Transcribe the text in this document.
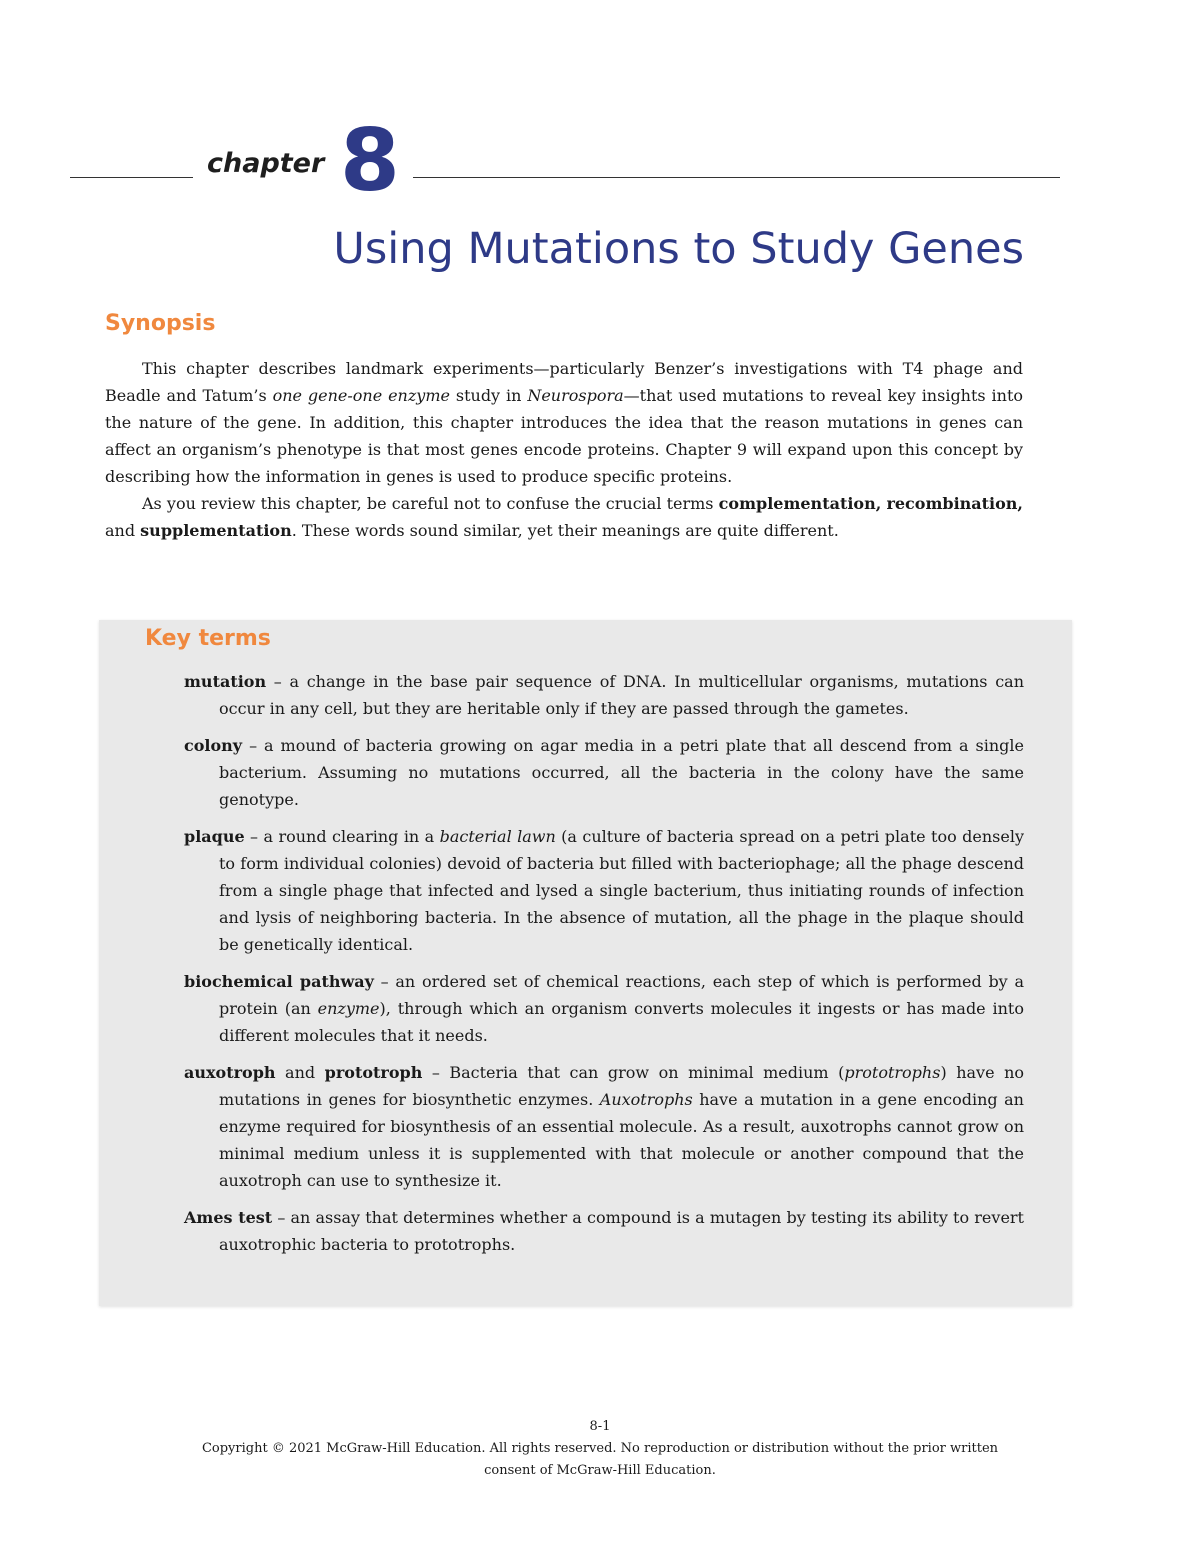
chapter 8
Using Mutations to Study Genes
Synopsis

This chapter describes landmark experiments—particularly Benzer’s investigations with T4 phage and Beadle and Tatum’s one gene-one enzyme study in Neurospora—that used mutations to reveal key insights into the nature of the gene. In addition, this chapter introduces the idea that the reason mutations in genes can affect an organism’s phenotype is that most genes encode proteins. Chapter 9 will expand upon this concept by describing how the information in genes is used to produce specific proteins.

As you review this chapter, be careful not to confuse the crucial terms complementation, recombination, and supplementation. These words sound similar, yet their meanings are quite different.

Key terms

mutation – a change in the base pair sequence of DNA. In multicellular organisms, mutations can occur in any cell, but they are heritable only if they are passed through the gametes.

colony – a mound of bacteria growing on agar media in a petri plate that all descend from a single bacterium. Assuming no mutations occurred, all the bacteria in the colony have the same genotype.

plaque – a round clearing in a bacterial lawn (a culture of bacteria spread on a petri plate too densely to form individual colonies) devoid of bacteria but filled with bacteriophage; all the phage descend from a single phage that infected and lysed a single bacterium, thus initiating rounds of infection and lysis of neighboring bacteria. In the absence of mutation, all the phage in the plaque should be genetically identical.

biochemical pathway – an ordered set of chemical reactions, each step of which is performed by a protein (an enzyme), through which an organism converts molecules it ingests or has made into different molecules that it needs.

auxotroph and prototroph – Bacteria that can grow on minimal medium (prototrophs) have no mutations in genes for biosynthetic enzymes. Auxotrophs have a mutation in a gene encoding an enzyme required for biosynthesis of an essential molecule. As a result, auxotrophs cannot grow on minimal medium unless it is supplemented with that molecule or another compound that the auxotroph can use to synthesize it.

Ames test – an assay that determines whether a compound is a mutagen by testing its ability to revert auxotrophic bacteria to prototrophs.

8-1
Copyright © 2021 McGraw-Hill Education. All rights reserved. No reproduction or distribution without the prior written consent of McGraw-Hill Education.
